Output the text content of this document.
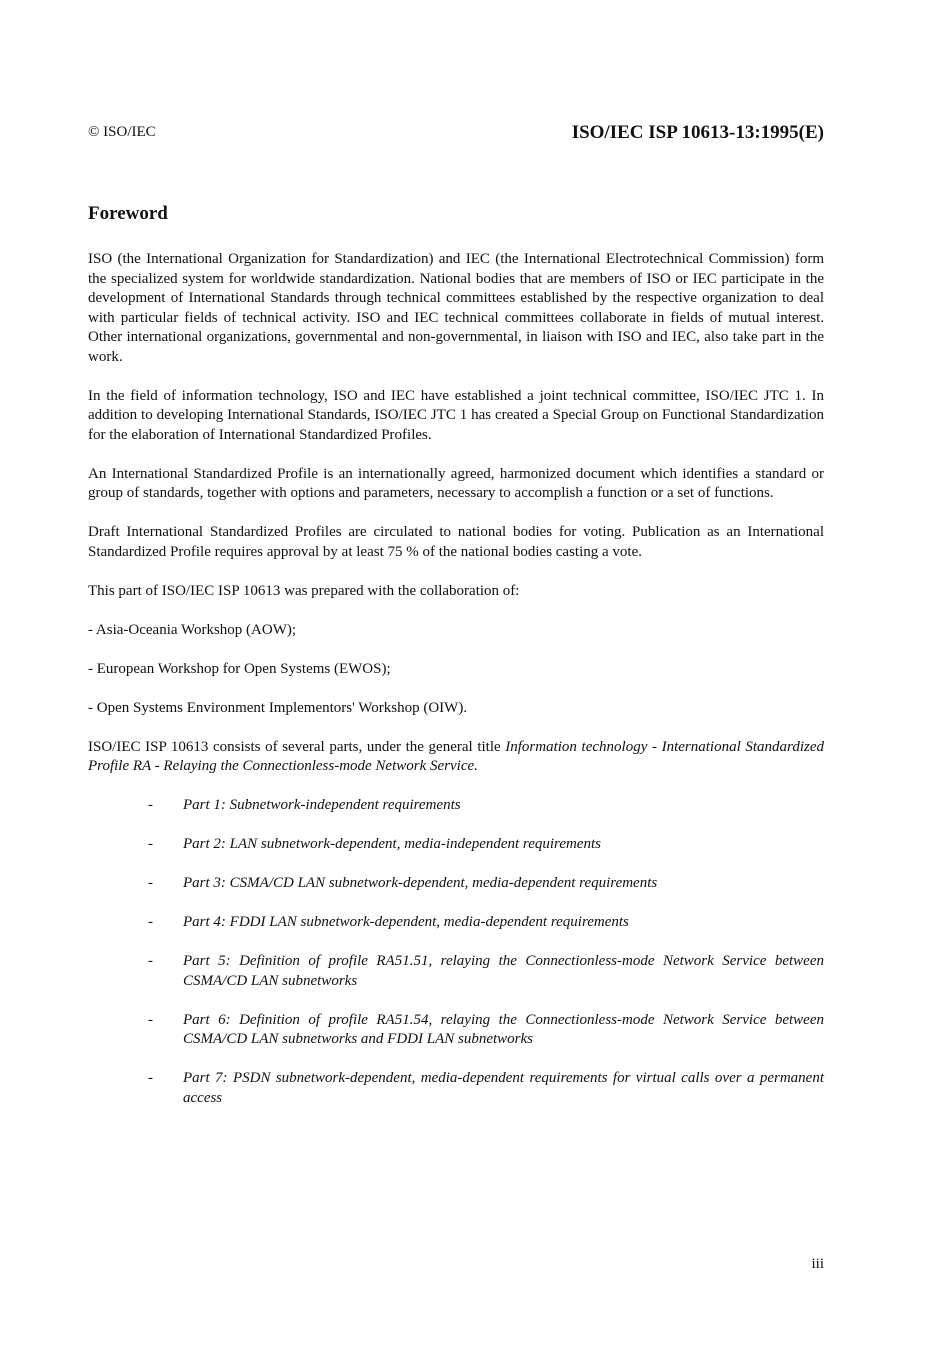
© ISO/IEC	ISO/IEC ISP 10613-13:1995(E)
Foreword

ISO (the International Organization for Standardization) and IEC (the International Electrotechnical Commission) form the specialized system for worldwide standardization. National bodies that are members of ISO or IEC participate in the development of International Standards through technical committees established by the respective organization to deal with particular fields of technical activity. ISO and IEC technical committees collaborate in fields of mutual interest. Other international organizations, governmental and non-governmental, in liaison with ISO and IEC, also take part in the work.

In the field of information technology, ISO and IEC have established a joint technical committee, ISO/IEC JTC 1. In addition to developing International Standards, ISO/IEC JTC 1 has created a Special Group on Functional Standardization for the elaboration of International Standardized Profiles.

An International Standardized Profile is an internationally agreed, harmonized document which identifies a standard or group of standards, together with options and parameters, necessary to accomplish a function or a set of functions.

Draft International Standardized Profiles are circulated to national bodies for voting. Publication as an International Standardized Profile requires approval by at least 75 % of the national bodies casting a vote.

This part of ISO/IEC ISP 10613 was prepared with the collaboration of:

- Asia-Oceania Workshop (AOW);
- European Workshop for Open Systems (EWOS);
- Open Systems Environment Implementors' Workshop (OIW).

ISO/IEC ISP 10613 consists of several parts, under the general title Information technology - International Standardized Profile RA - Relaying the Connectionless-mode Network Service.

- Part 1: Subnetwork-independent requirements
- Part 2: LAN subnetwork-dependent, media-independent requirements
- Part 3: CSMA/CD LAN subnetwork-dependent, media-dependent requirements
- Part 4: FDDI LAN subnetwork-dependent, media-dependent requirements
- Part 5: Definition of profile RA51.51, relaying the Connectionless-mode Network Service between CSMA/CD LAN subnetworks
- Part 6: Definition of profile RA51.54, relaying the Connectionless-mode Network Service between CSMA/CD LAN subnetworks and FDDI LAN subnetworks
- Part 7: PSDN subnetwork-dependent, media-dependent requirements for virtual calls over a permanent access
iii
